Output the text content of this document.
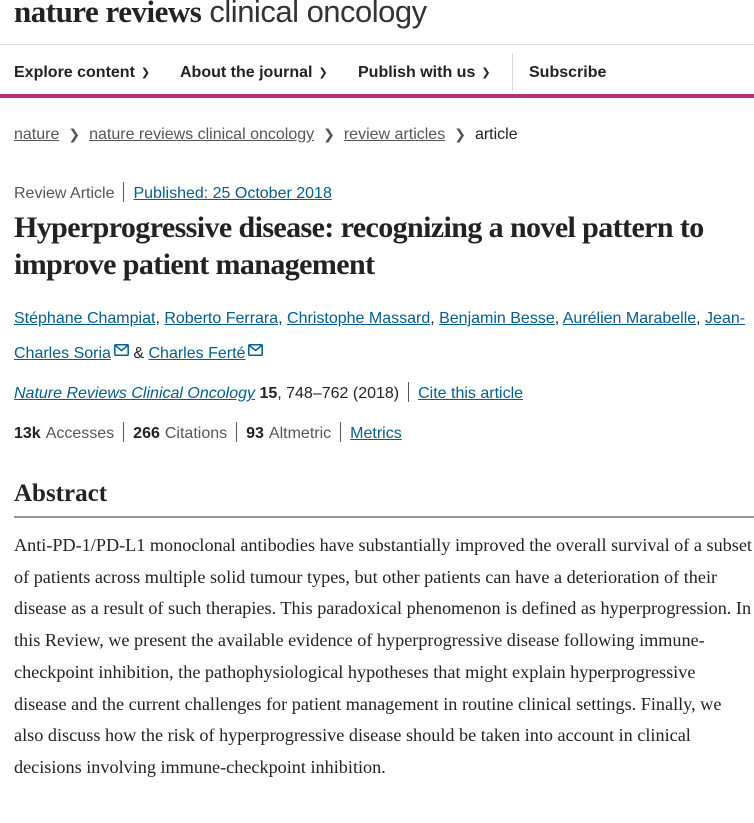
nature reviews clinical oncology
Explore content ❯ About the journal ❯ Publish with us ❯ Subscribe
nature ❯ nature reviews clinical oncology ❯ review articles ❯ article
Review Article Published: 25 October 2018
Hyperprogressive disease: recognizing a novel pattern to improve patient management
Stéphane Champiat, Roberto Ferrara, Christophe Massard, Benjamin Besse, Aurélien Marabelle, Jean-Charles Soria & Charles Ferté
Nature Reviews Clinical Oncology 15, 748–762 (2018) Cite this article
13k Accesses 266 Citations 93 Altmetric Metrics
Abstract

Anti-PD-1/PD-L1 monoclonal antibodies have substantially improved the overall survival of a subset of patients across multiple solid tumour types, but other patients can have a deterioration of their disease as a result of such therapies. This paradoxical phenomenon is defined as hyperprogression. In this Review, we present the available evidence of hyperprogressive disease following immune-checkpoint inhibition, the pathophysiological hypotheses that might explain hyperprogressive disease and the current challenges for patient management in routine clinical settings. Finally, we also discuss how the risk of hyperprogressive disease should be taken into account in clinical decisions involving immune-checkpoint inhibition.
